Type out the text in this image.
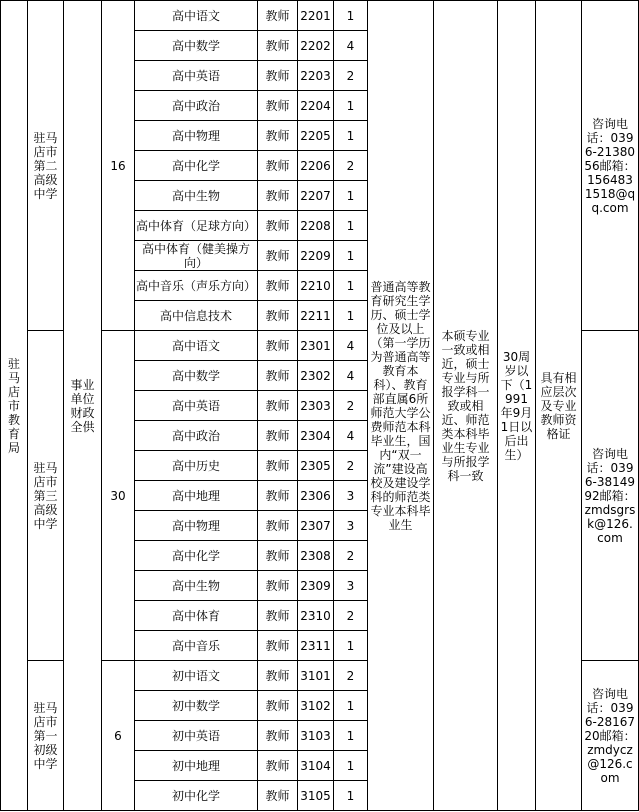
驻马店市教育局	驻马店市第二高级中学	事业单位财政全供	16	高中语文	教师	2201	1	普通高等教育研究生学历、硕士学位及以上（第一学历为普通高等教育本科）、教育部直属6所师范大学公费师范本科毕业生，国内“双一流”建设高校及建设学科的师范类专业本科毕业生	本硕专业一致或相近，硕士专业与所报学科一致或相近、师范类本科毕业生专业与所报学科一致	30周岁以下（1991年9月1日以后出生）	具有相应层次及专业教师资格证	咨询电话：0396-2138056邮箱：1564831518@qq.com
				高中数学	教师	2202	4					
				高中英语	教师	2203	2					
				高中政治	教师	2204	1					
				高中物理	教师	2205	1					
				高中化学	教师	2206	2					
				高中生物	教师	2207	1					
				高中体育（足球方向）	教师	2208	1					
				高中体育（健美操方向）	教师	2209	1					
				高中音乐（声乐方向）	教师	2210	1					
				高中信息技术	教师	2211	1					
	驻马店市第三高级中学		30	高中语文	教师	2301	4					咨询电话：0396-3814992邮箱：zmdsgrsk@126.com
				高中数学	教师	2302	4					
				高中英语	教师	2303	2					
				高中政治	教师	2304	4					
				高中历史	教师	2305	2					
				高中地理	教师	2306	3					
				高中物理	教师	2307	3					
				高中化学	教师	2308	2					
				高中生物	教师	2309	3					
				高中体育	教师	2310	2					
				高中音乐	教师	2311	1					
	驻马店市第一初级中学		6	初中语文	教师	3101	2					咨询电话：0396-2816720邮箱：zmdycz@126.com
				初中数学	教师	3102	1					
				初中英语	教师	3103	1					
				初中地理	教师	3104	1					
				初中化学	教师	3105	1					
